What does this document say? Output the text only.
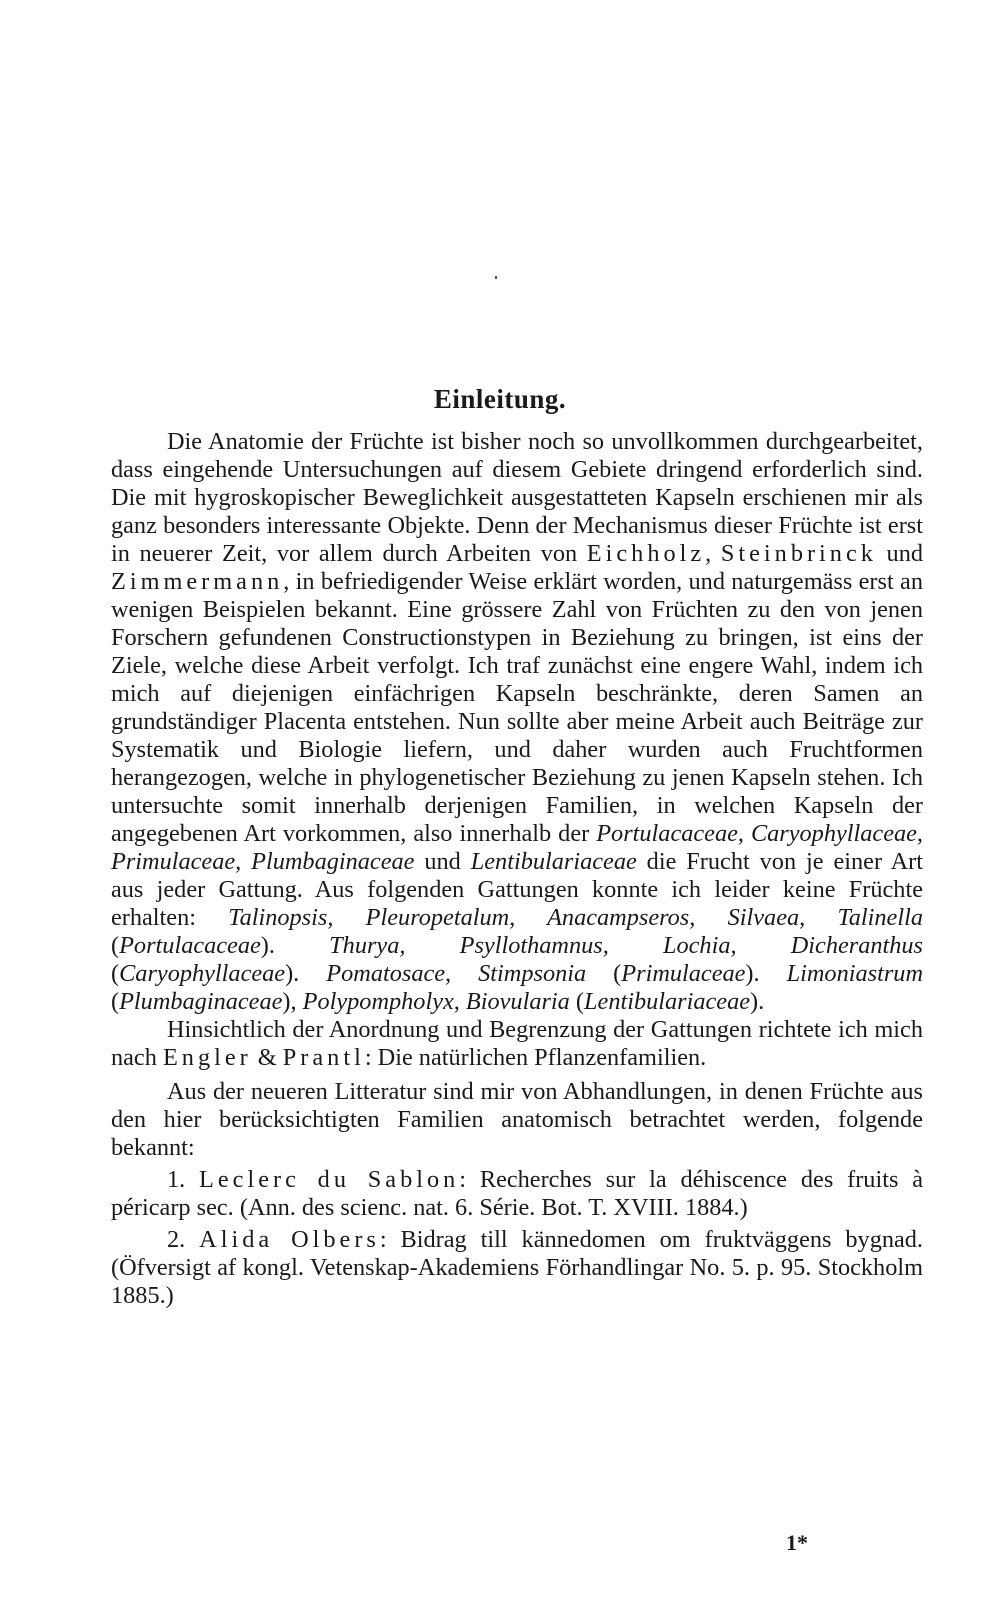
Einleitung.

Die Anatomie der Früchte ist bisher noch so unvollkommen durchgearbeitet, dass eingehende Untersuchungen auf diesem Gebiete dringend erforderlich sind. Die mit hygroskopischer Beweglichkeit ausgestatteten Kapseln erschienen mir als ganz besonders interessante Objekte. Denn der Mechanismus dieser Früchte ist erst in neuerer Zeit, vor allem durch Arbeiten von Eichholz, Steinbrinck und Zimmermann, in befriedigender Weise erklärt worden, und naturgemäss erst an wenigen Beispielen bekannt. Eine grössere Zahl von Früchten zu den von jenen Forschern gefundenen Constructionstypen in Beziehung zu bringen, ist eins der Ziele, welche diese Arbeit verfolgt. Ich traf zunächst eine engere Wahl, indem ich mich auf diejenigen einfächrigen Kapseln beschränkte, deren Samen an grundständiger Placenta entstehen. Nun sollte aber meine Arbeit auch Beiträge zur Systematik und Biologie liefern, und daher wurden auch Fruchtformen herangezogen, welche in phylogenetischer Beziehung zu jenen Kapseln stehen. Ich untersuchte somit innerhalb derjenigen Familien, in welchen Kapseln der angegebenen Art vorkommen, also innerhalb der Portulacaceae, Caryophyllaceae, Primulaceae, Plumbaginaceae und Lentibulariaceae die Frucht von je einer Art aus jeder Gattung. Aus folgenden Gattungen konnte ich leider keine Früchte erhalten: Talinopsis, Pleuropetalum, Anacampseros, Silvaea, Talinella (Portulacaceae). Thurya, Psyllothamnus, Lochia, Dicheranthus (Caryophyllaceae). Pomatosace, Stimpsonia (Primulaceae). Limoniastrum (Plumbaginaceae), Polypompholyx, Biovularia (Lentibulariaceae).

Hinsichtlich der Anordnung und Begrenzung der Gattungen richtete ich mich nach Engler & Prantl: Die natürlichen Pflanzenfamilien.

Aus der neueren Litteratur sind mir von Abhandlungen, in denen Früchte aus den hier berücksichtigten Familien anatomisch betrachtet werden, folgende bekannt:

1. Leclerc du Sablon: Recherches sur la déhiscence des fruits à péricarp sec. (Ann. des scienc. nat. 6. Série. Bot. T. XVIII. 1884.)

2. Alida Olbers: Bidrag till kännedomen om fruktväggens bygnad. (Öfversigt af kongl. Vetenskap-Akademiens Förhandlingar No. 5. p. 95. Stockholm 1885.)

1*
